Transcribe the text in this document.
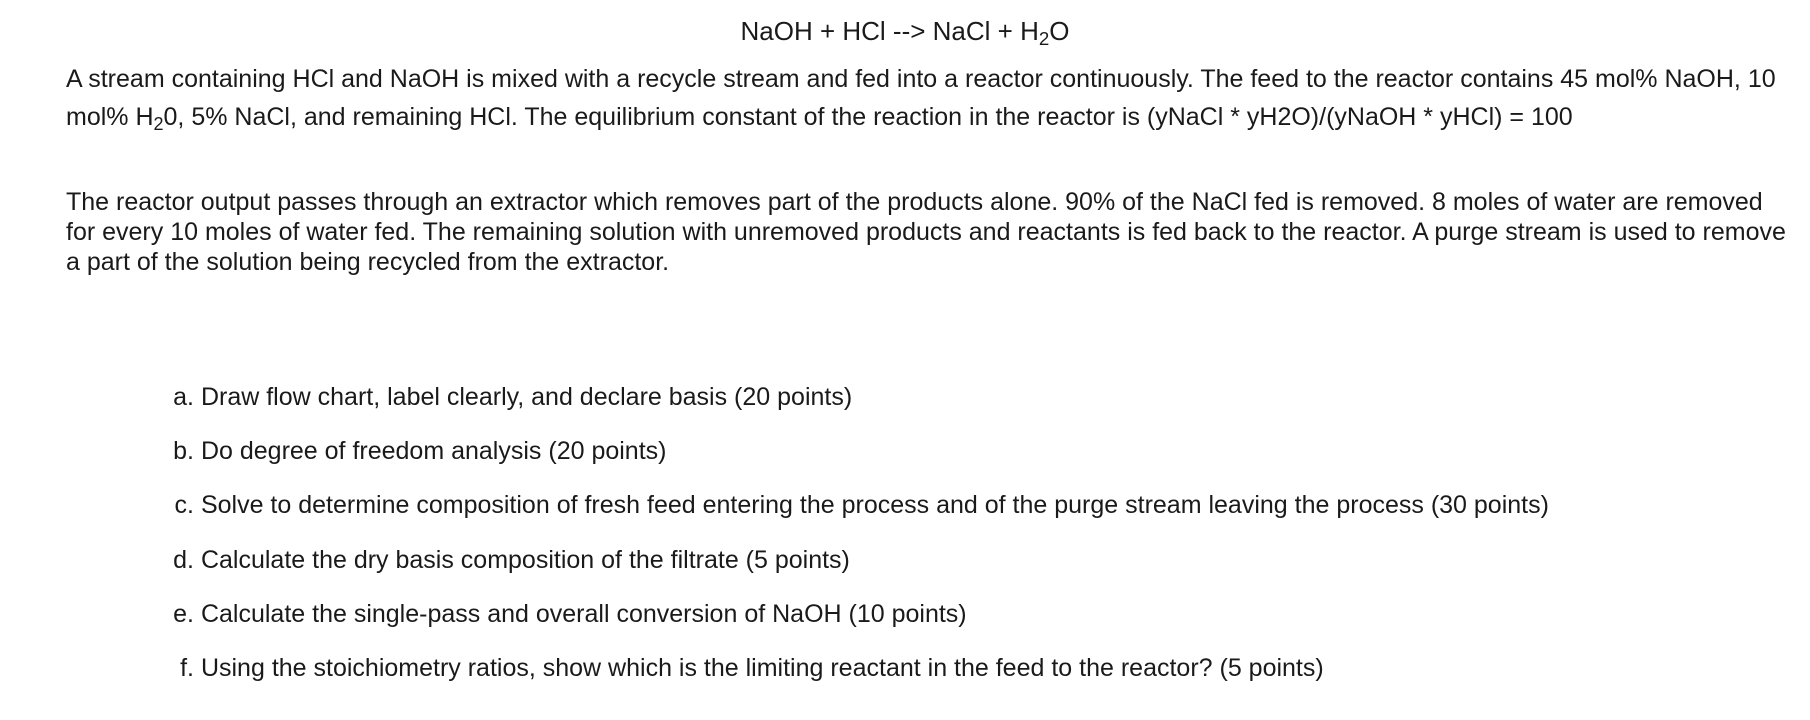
NaOH + HCl --> NaCl + $H_2O$

A stream containing HCl and NaOH is mixed with a recycle stream and fed into a reactor continuously. The feed to the reactor contains 45 mol% NaOH, 10 mol% $H_20$, 5% NaCl, and remaining HCl. The equilibrium constant of the reaction in the reactor is (yNaCl * yH2O)/(yNaOH * yHCl) = 100

The reactor output passes through an extractor which removes part of the products alone. 90% of the NaCl fed is removed. 8 moles of water are removed for every 10 moles of water fed. The remaining solution with unremoved products and reactants is fed back to the reactor. A purge stream is used to remove a part of the solution being recycled from the extractor.

a. Draw flow chart, label clearly, and declare basis (20 points)
b. Do degree of freedom analysis (20 points)
c. Solve to determine composition of fresh feed entering the process and of the purge stream leaving the process (30 points)
d. Calculate the dry basis composition of the filtrate (5 points)
e. Calculate the single-pass and overall conversion of NaOH (10 points)
f. Using the stoichiometry ratios, show which is the limiting reactant in the feed to the reactor? (5 points)
